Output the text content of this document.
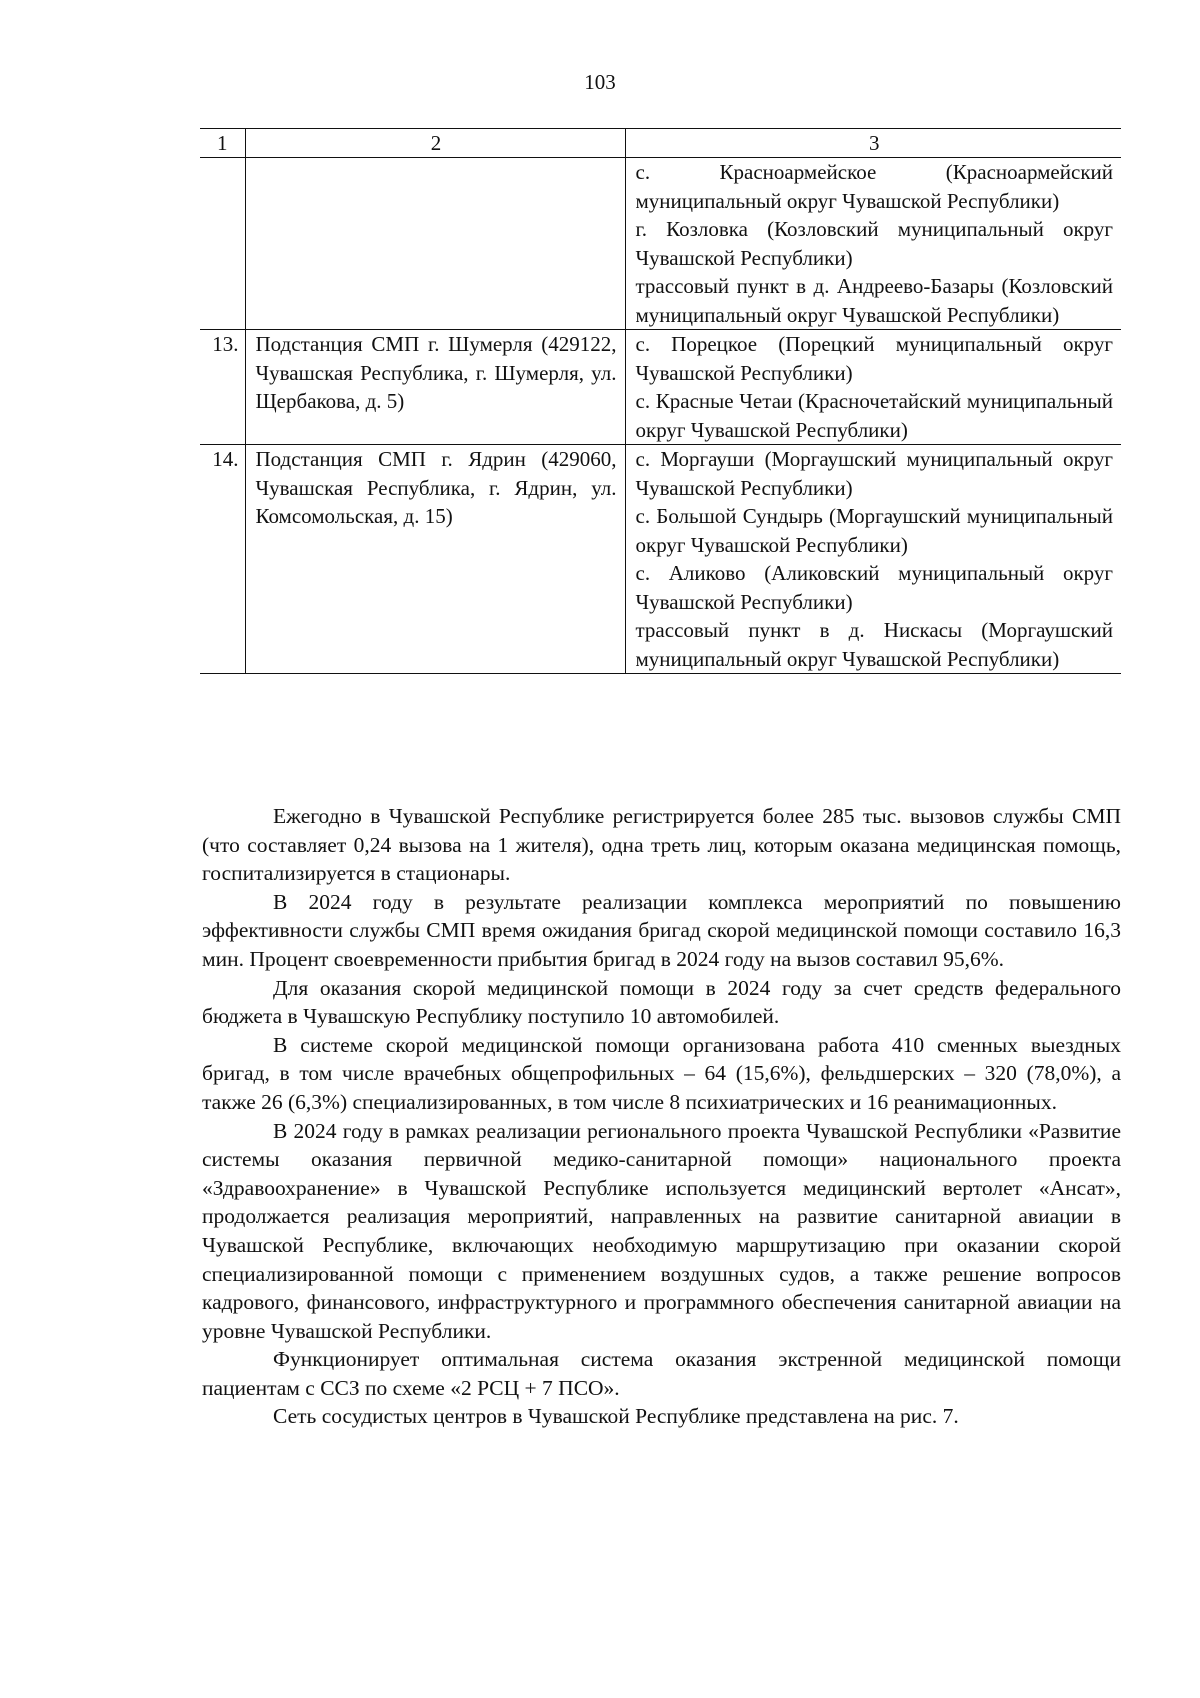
103
1	2	3

		с. Красноармейское (Красноармейский муниципальный округ Чувашской Республики)
г. Козловка (Козловский муниципальный округ Чувашской Республики)
трассовый пункт в д. Андреево-Базары (Козловский муниципальный округ Чувашской Республики)

13.	Подстанция СМП г. Шумерля (429122, Чувашская Республика, г. Шумерля, ул. Щербакова, д. 5)	с. Порецкое (Порецкий муниципальный округ Чувашской Республики)
с. Красные Четаи (Красночетайский муниципальный округ Чувашской Республики)

14.	Подстанция СМП г. Ядрин (429060, Чувашская Республика, г. Ядрин, ул. Комсомольская, д. 15)	с. Моргауши (Моргаушский муниципальный округ Чувашской Республики)
с. Большой Сундырь (Моргаушский муниципальный округ Чувашской Республики)
с. Аликово (Аликовский муниципальный округ Чувашской Республики)
трассовый пункт в д. Нискасы (Моргаушский муниципальный округ Чувашской Республики)

Ежегодно в Чувашской Республике регистрируется более 285 тыс. вызовов службы СМП (что составляет 0,24 вызова на 1 жителя), одна треть лиц, которым оказана медицинская помощь, госпитализируется в стационары.

В 2024 году в результате реализации комплекса мероприятий по повышению эффективности службы СМП время ожидания бригад скорой медицинской помощи составило 16,3 мин. Процент своевременности прибытия бригад в 2024 году на вызов составил 95,6%.

Для оказания скорой медицинской помощи в 2024 году за счет средств федерального бюджета в Чувашскую Республику поступило 10 автомобилей.

В системе скорой медицинской помощи организована работа 410 сменных выездных бригад, в том числе врачебных общепрофильных – 64 (15,6%), фельдшерских – 320 (78,0%), а также 26 (6,3%) специализированных, в том числе 8 психиатрических и 16 реанимационных.

В 2024 году в рамках реализации регионального проекта Чувашской Республики «Развитие системы оказания первичной медико-санитарной помощи» национального проекта «Здравоохранение» в Чувашской Республике используется медицинский вертолет «Ансат», продолжается реализация мероприятий, направленных на развитие санитарной авиации в Чувашской Республике, включающих необходимую маршрутизацию при оказании скорой специализированной помощи с применением воздушных судов, а также решение вопросов кадрового, финансового, инфраструктурного и программного обеспечения санитарной авиации на уровне Чувашской Республики.

Функционирует оптимальная система оказания экстренной медицинской помощи пациентам с ССЗ по схеме «2 РСЦ + 7 ПСО».

Сеть сосудистых центров в Чувашской Республике представлена на рис. 7.
